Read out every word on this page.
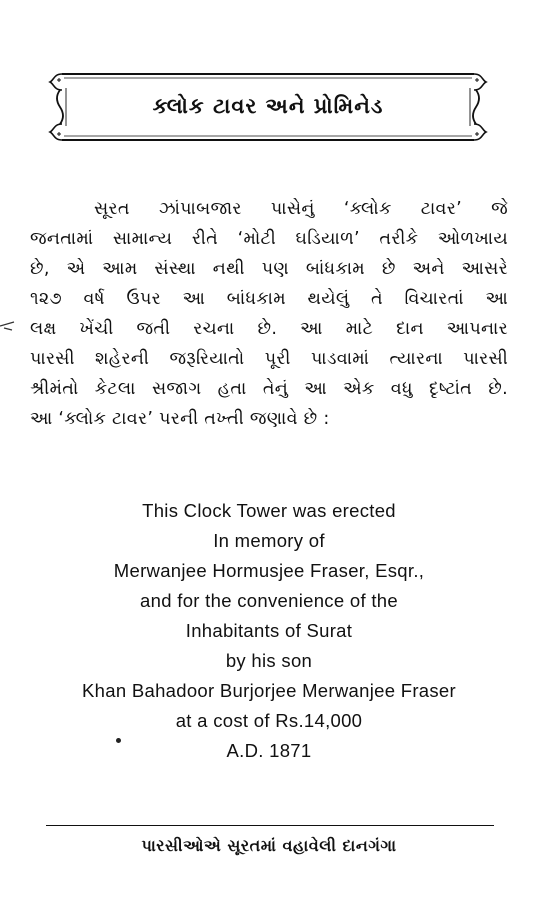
ક્લોક ટાવર અને પ્રોમિનેડ
સૂરત ઝાંપાબજાર પાસેનું ‘ક્લોક ટાવર’ જે
જનતામાં સામાન્ય રીતે ‘મોટી ઘડિયાળ’ તરીકે ઓળખાય
છે, એ આમ સંસ્થા નથી પણ બાંધકામ છે અને આસરે
૧૨૭ વર્ષ ઉપર આ બાંધકામ થયેલું તે વિચારતાં આ
લક્ષ ખેંચી જતી રચના છે. આ માટે દાન આપનાર
પારસી શહેરની જરૂરિયાતો પૂરી પાડવામાં ત્યારના પારસી
શ્રીમંતો કેટલા સજાગ હતા તેનું આ એક વધુ દૃષ્ટાંત છે.
આ ‘ક્લોક ટાવર’ પરની તખ્તી જણાવે છે :
This Clock Tower was erected
In memory of
Merwanjee Hormusjee Fraser, Esqr.,
and for the convenience of the
Inhabitants of Surat
by his son
Khan Bahadoor Burjorjee Merwanjee Fraser
at a cost of Rs.14,000
A.D. 1871
પારસીઓએ સૂરતમાં વહાવેલી દાનગંગા
